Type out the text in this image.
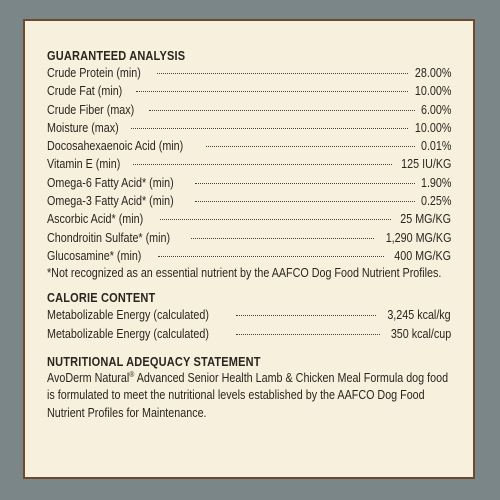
GUARANTEED ANALYSIS
Crude Protein (min)	28.00%
Crude Fat (min)	10.00%
Crude Fiber (max)	6.00%
Moisture (max)	10.00%
Docosahexaenoic Acid (min)	0.01%
Vitamin E (min)	125 IU/KG
Omega-6 Fatty Acid* (min)	1.90%
Omega-3 Fatty Acid* (min)	0.25%
Ascorbic Acid* (min)	25 MG/KG
Chondroitin Sulfate* (min)	1,290 MG/KG
Glucosamine* (min)	400 MG/KG
*Not recognized as an essential nutrient by the AAFCO Dog Food Nutrient Profiles.
CALORIE CONTENT
Metabolizable Energy (calculated)	3,245 kcal/kg
Metabolizable Energy (calculated)	350 kcal/cup
NUTRITIONAL ADEQUACY STATEMENT
AvoDerm Natural® Advanced Senior Health Lamb & Chicken Meal Formula dog food is formulated to meet the nutritional levels established by the AAFCO Dog Food Nutrient Profiles for Maintenance.
